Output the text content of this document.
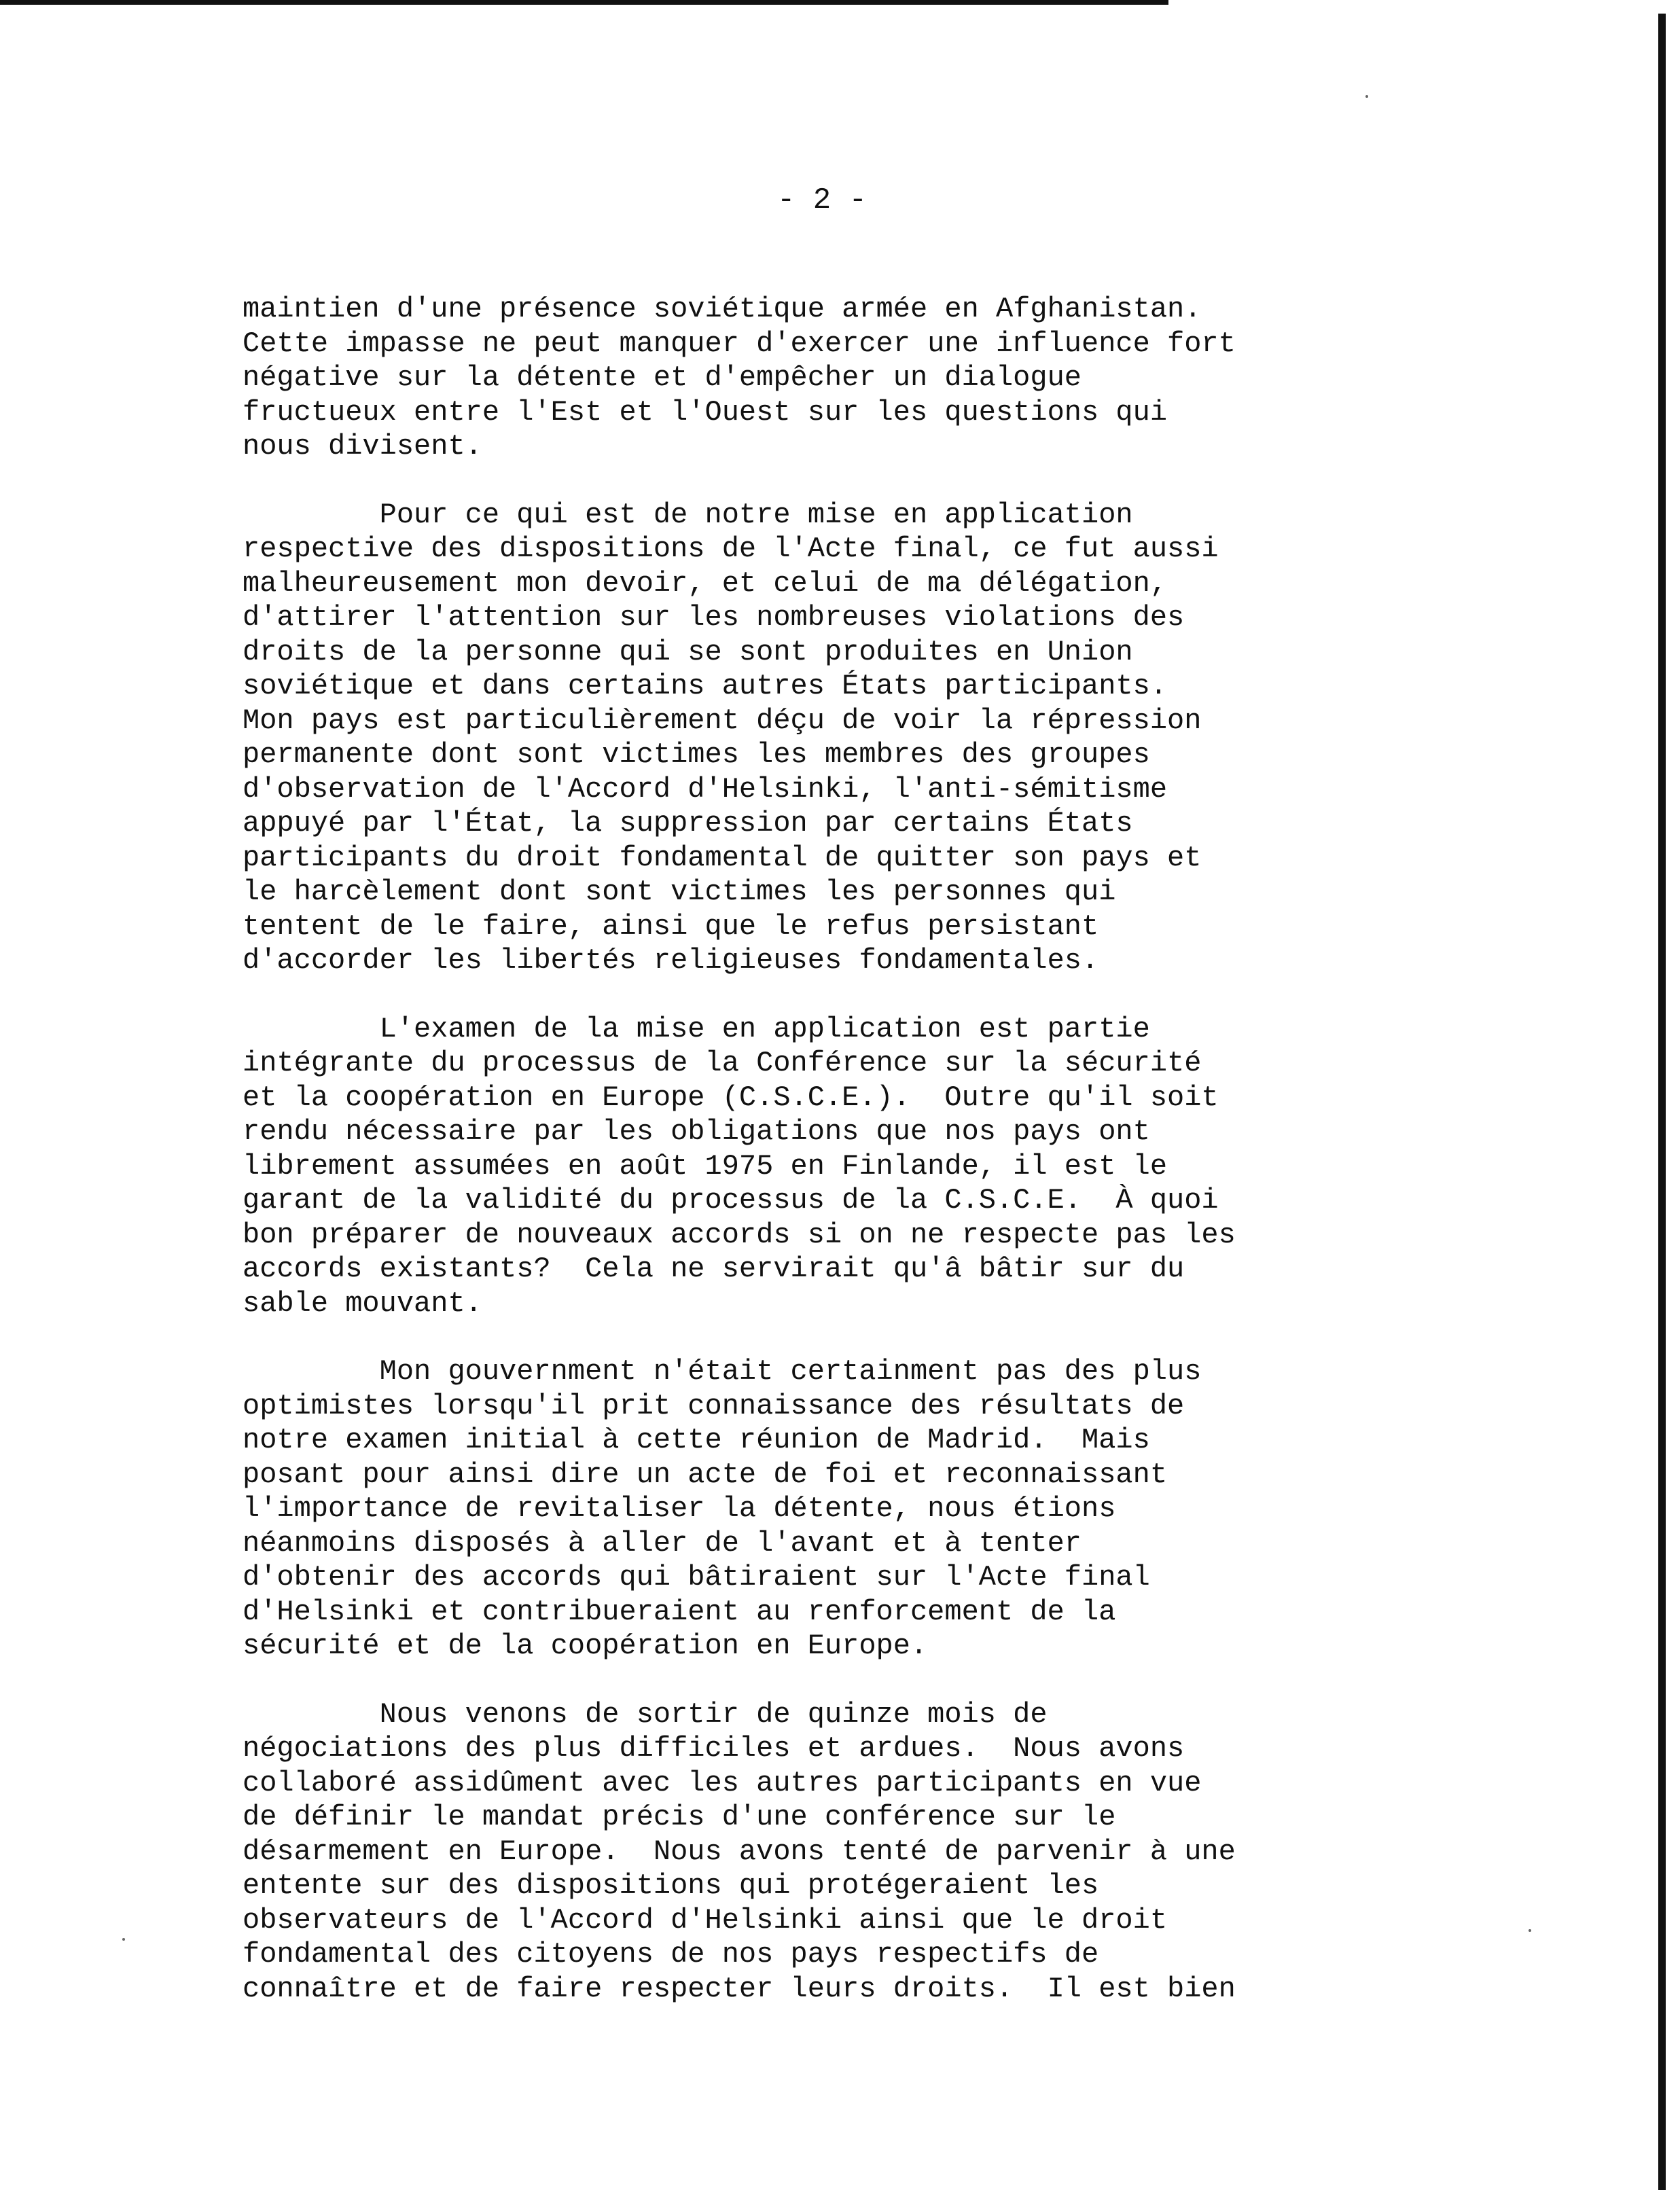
- 2 -

maintien d'une présence soviétique armée en Afghanistan.
Cette impasse ne peut manquer d'exercer une influence fort
négative sur la détente et d'empêcher un dialogue
fructueux entre l'Est et l'Ouest sur les questions qui
nous divisent.

Pour ce qui est de notre mise en application
respective des dispositions de l'Acte final, ce fut aussi
malheureusement mon devoir, et celui de ma délégation,
d'attirer l'attention sur les nombreuses violations des
droits de la personne qui se sont produites en Union
soviétique et dans certains autres États participants.
Mon pays est particulièrement déçu de voir la répression
permanente dont sont victimes les membres des groupes
d'observation de l'Accord d'Helsinki, l'anti-sémitisme
appuyé par l'État, la suppression par certains États
participants du droit fondamental de quitter son pays et
le harcèlement dont sont victimes les personnes qui
tentent de le faire, ainsi que le refus persistant
d'accorder les libertés religieuses fondamentales.

L'examen de la mise en application est partie
intégrante du processus de la Conférence sur la sécurité
et la coopération en Europe (C.S.C.E.).  Outre qu'il soit
rendu nécessaire par les obligations que nos pays ont
librement assumées en août 1975 en Finlande, il est le
garant de la validité du processus de la C.S.C.E.  À quoi
bon préparer de nouveaux accords si on ne respecte pas les
accords existants?  Cela ne servirait qu'â bâtir sur du
sable mouvant.

Mon gouvernment n'était certainment pas des plus
optimistes lorsqu'il prit connaissance des résultats de
notre examen initial à cette réunion de Madrid.  Mais
posant pour ainsi dire un acte de foi et reconnaissant
l'importance de revitaliser la détente, nous étions
néanmoins disposés à aller de l'avant et à tenter
d'obtenir des accords qui bâtiraient sur l'Acte final
d'Helsinki et contribueraient au renforcement de la
sécurité et de la coopération en Europe.

Nous venons de sortir de quinze mois de
négociations des plus difficiles et ardues.  Nous avons
collaboré assidûment avec les autres participants en vue
de définir le mandat précis d'une conférence sur le
désarmement en Europe.  Nous avons tenté de parvenir à une
entente sur des dispositions qui protégeraient les
observateurs de l'Accord d'Helsinki ainsi que le droit
fondamental des citoyens de nos pays respectifs de
connaître et de faire respecter leurs droits.  Il est bien
